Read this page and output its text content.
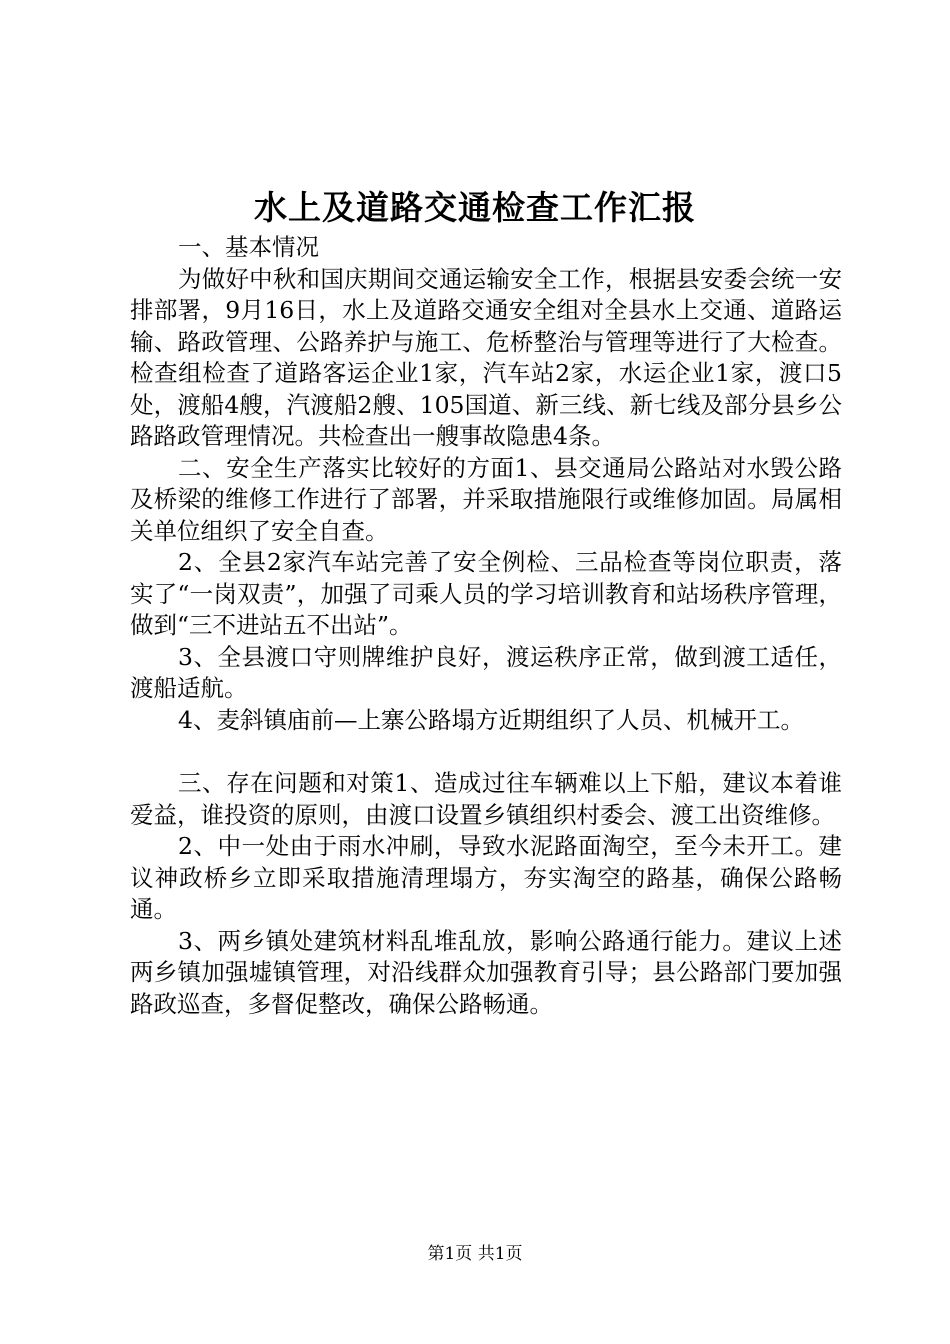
水上及道路交通检查工作汇报

一、基本情况

为做好中秋和国庆期间交通运输安全工作，根据县安委会统一安排部署，9月16日，水上及道路交通安全组对全县水上交通、道路运输、路政管理、公路养护与施工、危桥整治与管理等进行了大检查。检查组检查了道路客运企业1家，汽车站2家，水运企业1家，渡口5处，渡船4艘，汽渡船2艘、105国道、新三线、新七线及部分县乡公路路政管理情况。共检查出一艘事故隐患4条。

二、安全生产落实比较好的方面1、县交通局公路站对水毁公路及桥梁的维修工作进行了部署，并采取措施限行或维修加固。局属相关单位组织了安全自查。

2、全县2家汽车站完善了安全例检、三品检查等岗位职责，落实了“一岗双责”，加强了司乘人员的学习培训教育和站场秩序管理，做到“三不进站五不出站”。

3、全县渡口守则牌维护良好，渡运秩序正常，做到渡工适任，渡船适航。

4、麦斜镇庙前—上寨公路塌方近期组织了人员、机械开工。

三、存在问题和对策1、造成过往车辆难以上下船，建议本着谁爱益，谁投资的原则，由渡口设置乡镇组织村委会、渡工出资维修。

2、中一处由于雨水冲刷，导致水泥路面淘空，至今未开工。建议神政桥乡立即采取措施清理塌方，夯实淘空的路基，确保公路畅通。

3、两乡镇处建筑材料乱堆乱放，影响公路通行能力。建议上述两乡镇加强墟镇管理，对沿线群众加强教育引导；县公路部门要加强路政巡查，多督促整改，确保公路畅通。

第1页 共1页
